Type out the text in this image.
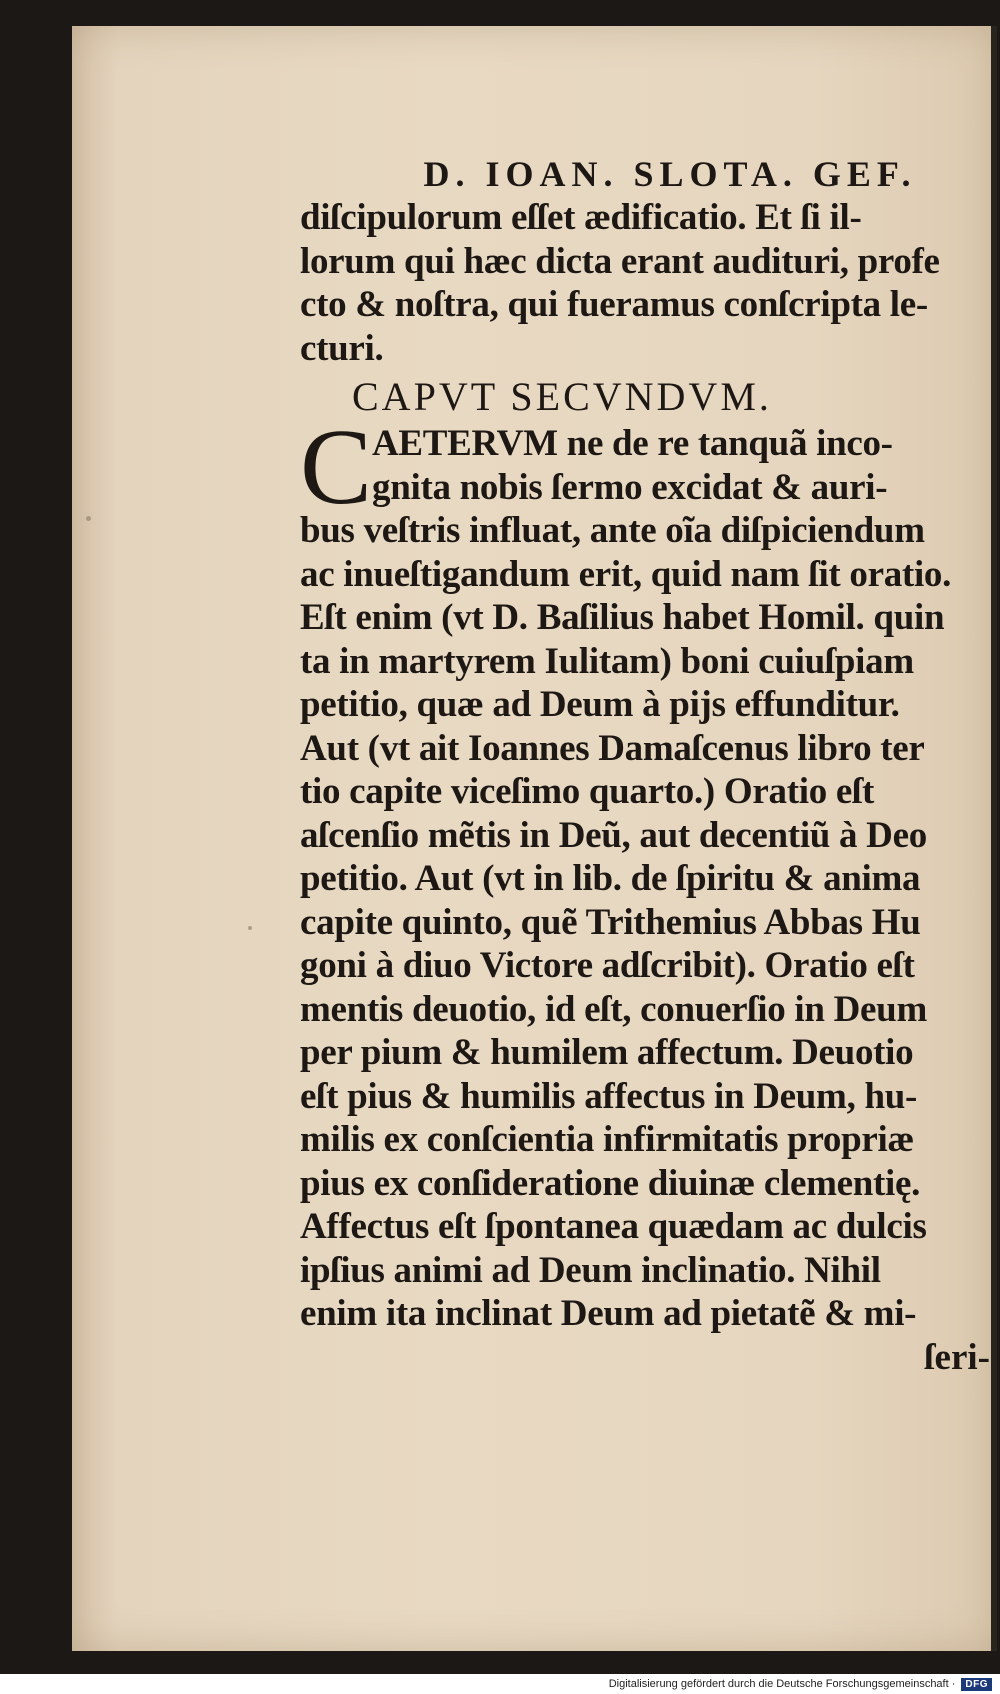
D. IOAN. SLOTA. GEF.
diſcipulorum eſſet ædificatio. Et ſi il-
lorum qui hæc dicta erant audituri, profe
cto & noſtra, qui fueramus conſcripta le-
cturi.
CAPVT SECVNDVM.
C AETERVM ne de re tanquã inco-
gnita nobis ſermo excidat & auri-
bus veſtris influat, ante oĩa diſpiciendum
ac inueſtigandum erit, quid nam ſit oratio.
Eſt enim (vt D. Baſilius habet Homil. quin
ta in martyrem Iulitam) boni cuiuſpiam
petitio, quæ ad Deum à pijs effunditur.
Aut (vt ait Ioannes Damaſcenus libro ter
tio capite viceſimo quarto.) Oratio eſt
aſcenſio mẽtis in Deũ, aut decentiũ à Deo
petitio. Aut (vt in lib. de ſpiritu & anima
capite quinto, quẽ Trithemius Abbas Hu
goni à diuo Victore adſcribit). Oratio eſt
mentis deuotio, id eſt, conuerſio in Deum
per pium & humilem affectum. Deuotio
eſt pius & humilis affectus in Deum, hu-
milis ex conſcientia infirmitatis propriæ
pius ex conſideratione diuinæ clementię.
Affectus eſt ſpontanea quædam ac dulcis
ipſius animi ad Deum inclinatio. Nihil
enim ita inclinat Deum ad pietatẽ & mi-
ſeri-
Digitalisierung gefördert durch die Deutsche Forschungsgemeinschaft ·	DFG
